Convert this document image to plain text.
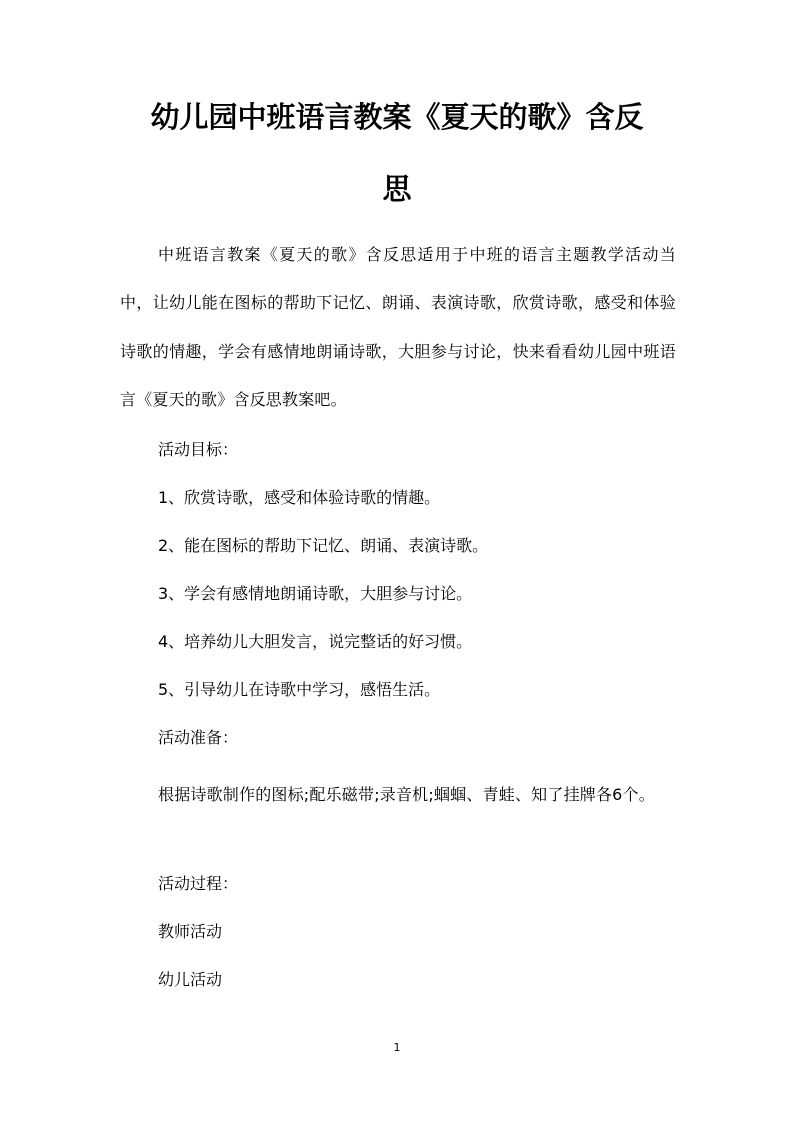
幼儿园中班语言教案《夏天的歌》含反
思

中班语言教案《夏天的歌》含反思适用于中班的语言主题教学活动当中，让幼儿能在图标的帮助下记忆、朗诵、表演诗歌，欣赏诗歌，感受和体验诗歌的情趣，学会有感情地朗诵诗歌，大胆参与讨论，快来看看幼儿园中班语言《夏天的歌》含反思教案吧。

活动目标：

1、欣赏诗歌，感受和体验诗歌的情趣。

2、能在图标的帮助下记忆、朗诵、表演诗歌。

3、学会有感情地朗诵诗歌，大胆参与讨论。

4、培养幼儿大胆发言，说完整话的好习惯。

5、引导幼儿在诗歌中学习，感悟生活。

活动准备：

根据诗歌制作的图标;配乐磁带;录音机;蝈蝈、青蛙、知了挂牌各6个。

活动过程：

教师活动

幼儿活动

1
